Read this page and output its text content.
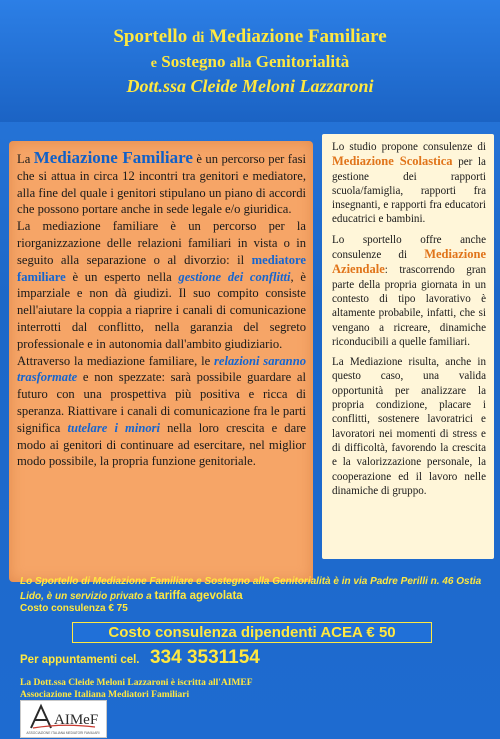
Sportello di Mediazione Familiare
e Sostegno alla Genitorialità
Dott.ssa Cleide Meloni Lazzaroni

La Mediazione Familiare è un percorso per fasi che si attua in circa 12 incontri tra genitori e mediatore, alla fine del quale i genitori stipulano un piano di accordi che possono portare anche in sede legale e/o giuridica.

La mediazione familiare è un percorso per la riorganizzazione delle relazioni familiari in vista o in seguito alla separazione o al divorzio: il mediatore familiare è un esperto nella gestione dei conflitti, è imparziale e non dà giudizi. Il suo compito consiste nell'aiutare la coppia a riaprire i canali di comunicazione interrotti dal conflitto, nella garanzia del segreto professionale e in autonomia dall'ambito giudiziario.

Attraverso la mediazione familiare, le relazioni saranno trasformate e non spezzate: sarà possibile guardare al futuro con una prospettiva più positiva e ricca di speranza. Riattivare i canali di comunicazione fra le parti significa tutelare i minori nella loro crescita e dare modo ai genitori di continuare ad esercitare, nel miglior modo possibile, la propria funzione genitoriale.

Lo studio propone consulenze di Mediazione Scolastica per la gestione dei rapporti scuola/famiglia, rapporti fra insegnanti, e rapporti fra educatori educatrici e bambini.

Lo sportello offre anche consulenze di Mediazione Aziendale: trascorrendo gran parte della propria giornata in un contesto di tipo lavorativo è altamente probabile, infatti, che si vengano a ricreare, dinamiche riconducibili a quelle familiari.

La Mediazione risulta, anche in questo caso, una valida opportunità per analizzare la propria condizione, placare i conflitti, sostenere lavoratrici e lavoratori nei momenti di stress e di difficoltà, favorendo la crescita e la valorizzazione personale, la cooperazione ed il lavoro nelle dinamiche di gruppo.

Lo Sportello di Mediazione Familiare e Sostegno alla Genitorialità è in via Padre Perilli n. 46 Ostia Lido, è un servizio privato a tariffa agevolata
Costo consulenza € 75
Costo consulenza dipendenti ACEA € 50
Per appuntamenti cel. 334 3531154
La Dott.ssa Cleide Meloni Lazzaroni è iscritta all'AIMEF
Associazione Italiana Mediatori Familiari
AIMeF
ASSOCIAZIONE ITALIANA MEDIATORI FAMILIARI
